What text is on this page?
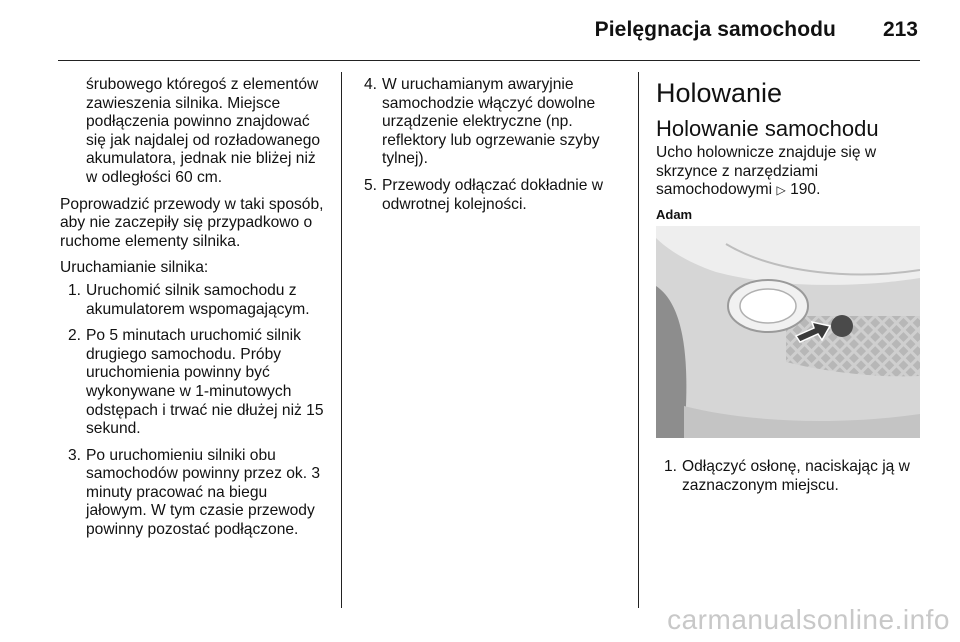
Pielęgnacja samochodu 213

śrubowego któregoś z elementów zawieszenia silnika. Miejsce podłączenia powinno znajdować się jak najdalej od rozładowanego akumulatora, jednak nie bliżej niż w odległości 60 cm.

Poprowadzić przewody w taki sposób, aby nie zaczepiły się przypadkowo o ruchome elementy silnika.

Uruchamianie silnika:

1. Uruchomić silnik samochodu z akumulatorem wspomagającym.
2. Po 5 minutach uruchomić silnik drugiego samochodu. Próby uruchomienia powinny być wykonywane w 1-minutowych odstępach i trwać nie dłużej niż 15 sekund.
3. Po uruchomieniu silniki obu samochodów powinny przez ok. 3 minuty pracować na biegu jałowym. W tym czasie przewody powinny pozostać podłączone.
4. W uruchamianym awaryjnie samochodzie włączyć dowolne urządzenie elektryczne (np. reflektory lub ogrzewanie szyby tylnej).
5. Przewody odłączać dokładnie w odwrotnej kolejności.
Holowanie
Holowanie samochodu

Ucho holownicze znajduje się w skrzynce z narzędziami samochodowymi ▷ 190.

Adam
1. Odłączyć osłonę, naciskając ją w zaznaczonym miejscu.
carmanualsonline.info
